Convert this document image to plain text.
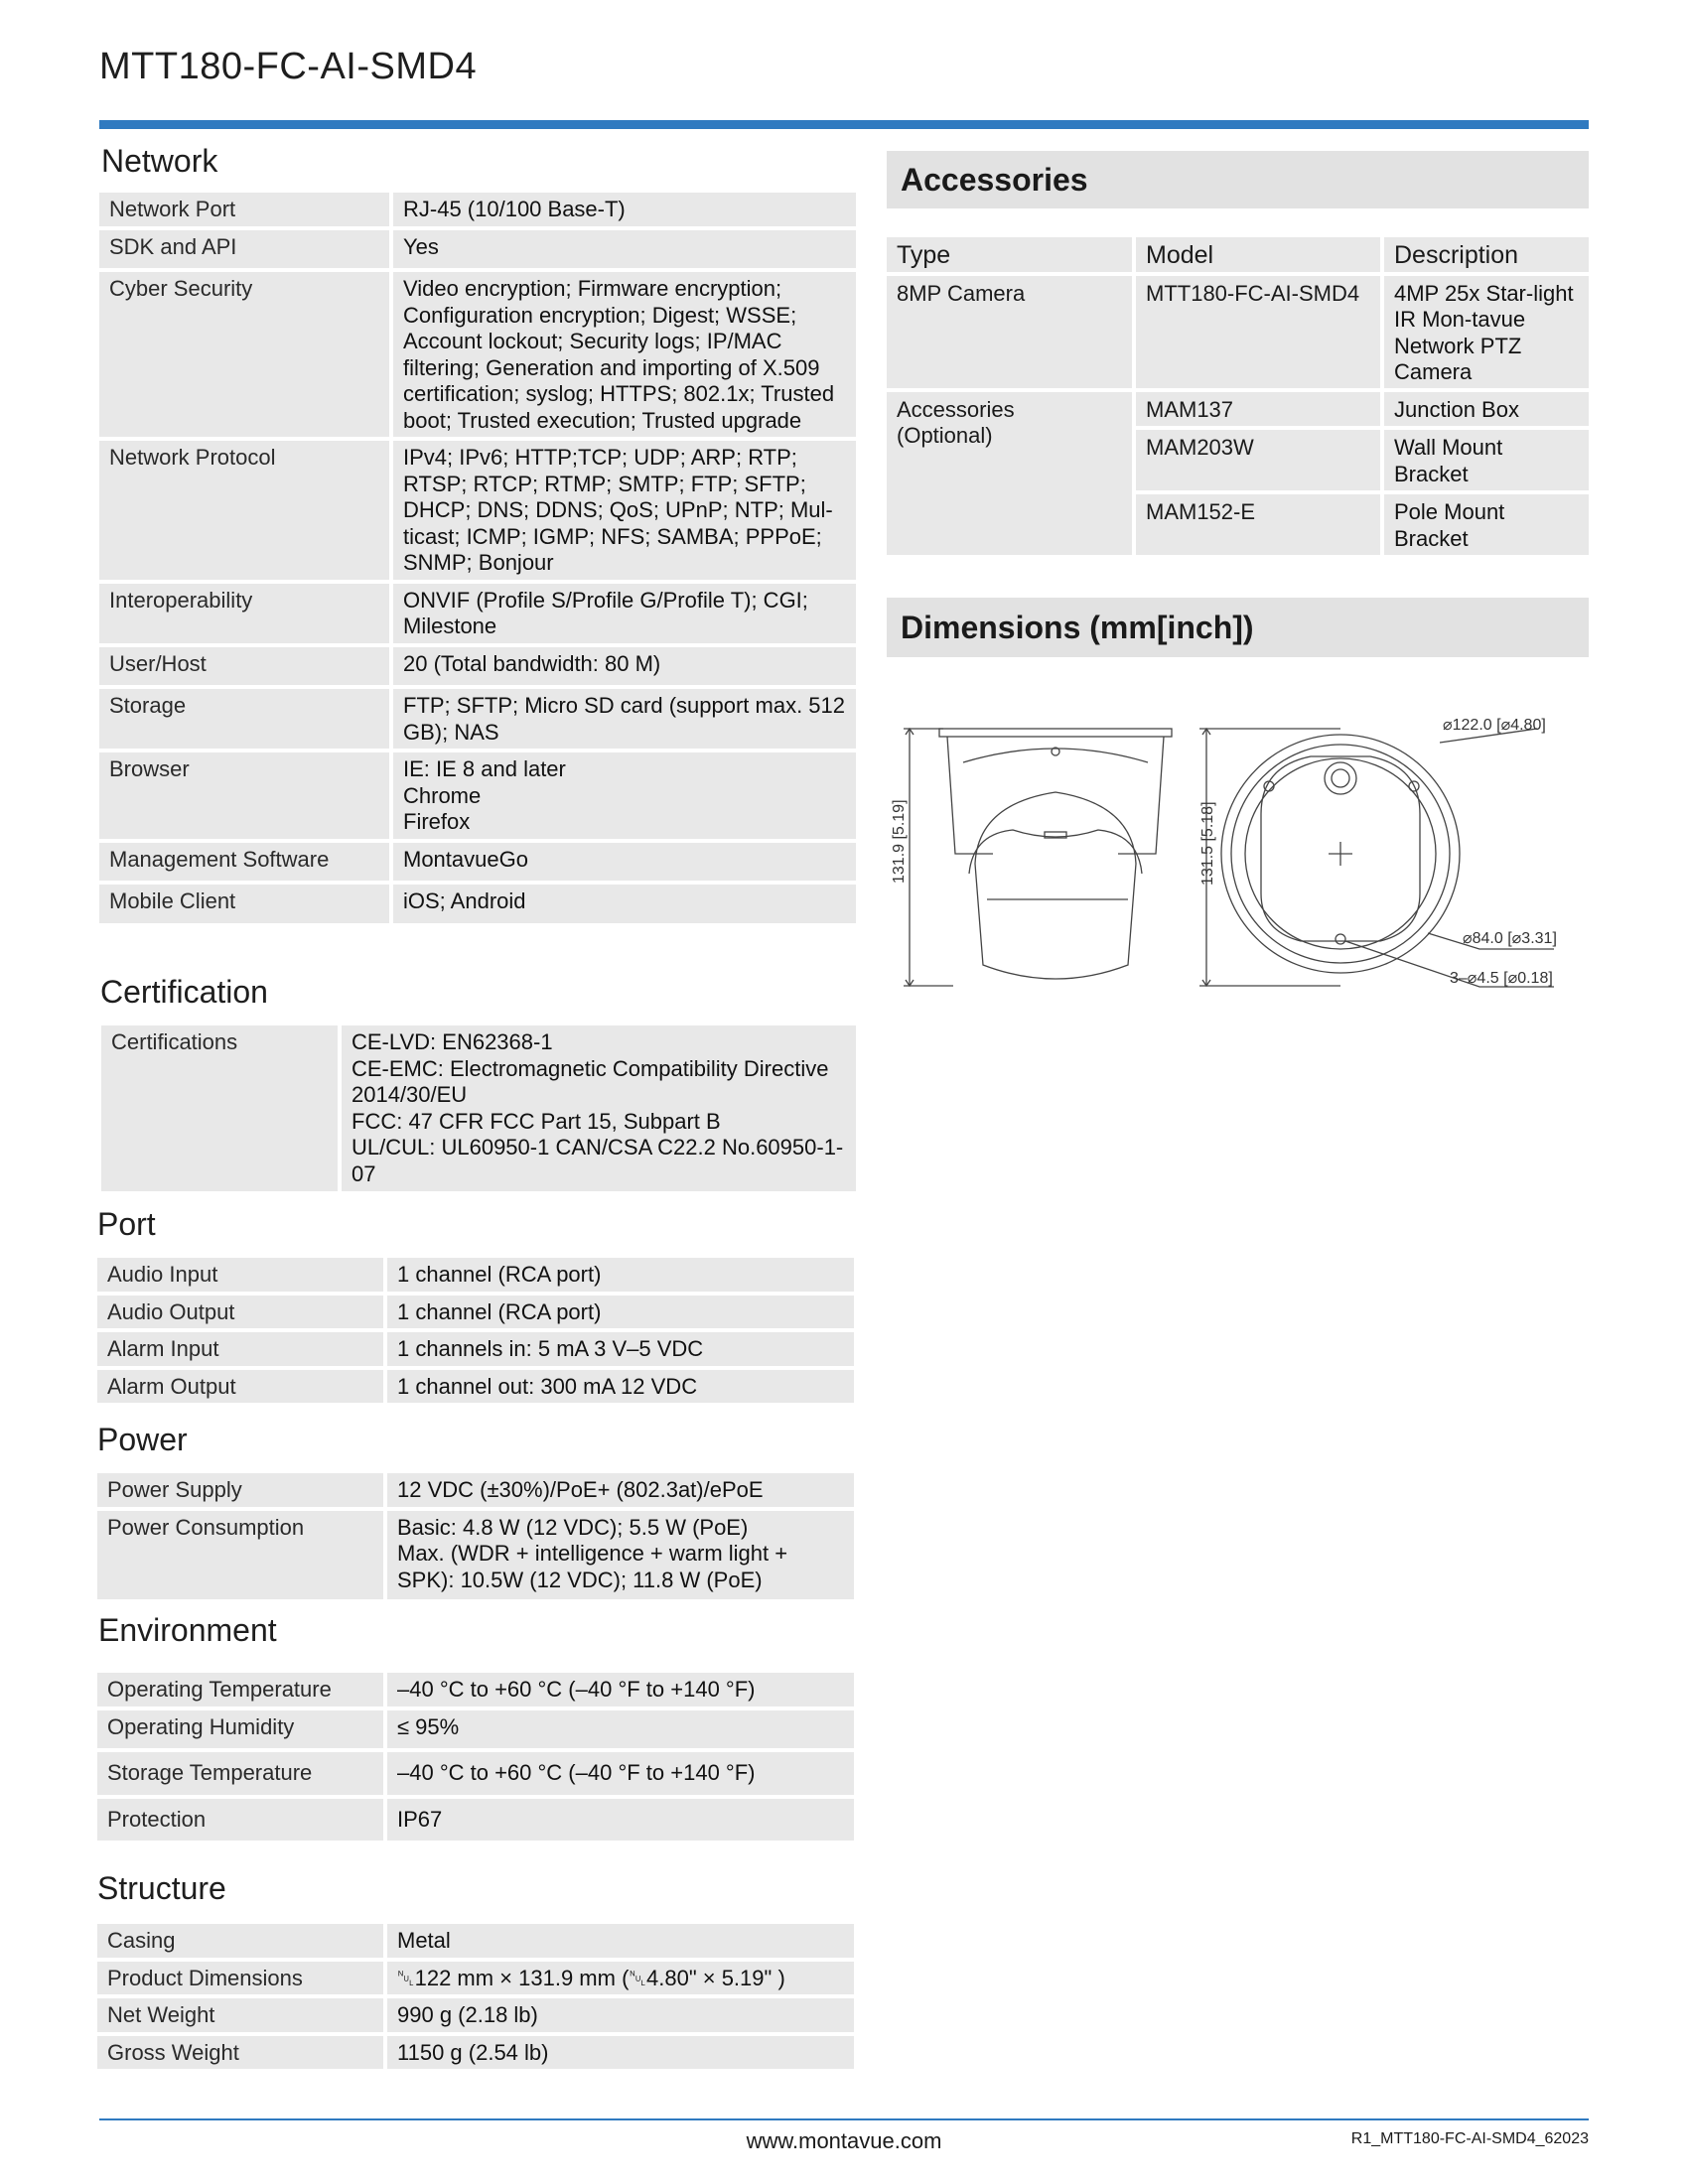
MTT180-FC-AI-SMD4
Network
Network Port	RJ-45 (10/100 Base-T)
SDK and API	Yes
Cyber Security	Video encryption; Firmware encryption; Configuration encryption; Digest; WSSE; Account lockout; Security logs; IP/MAC filtering; Generation and importing of X.509 certification; syslog; HTTPS; 802.1x; Trusted boot; Trusted execution; Trusted upgrade
Network Protocol	IPv4; IPv6; HTTP;TCP; UDP; ARP; RTP; RTSP; RTCP; RTMP; SMTP; FTP; SFTP; DHCP; DNS; DDNS; QoS; UPnP; NTP; Mul-ticast; ICMP; IGMP; NFS; SAMBA; PPPoE; SNMP; Bonjour
Interoperability	ONVIF (Profile S/Profile G/Profile T); CGI; Milestone
User/Host	20 (Total bandwidth: 80 M)
Storage	FTP; SFTP; Micro SD card (support max. 512 GB); NAS
Browser	IE: IE 8 and later
Chrome
Firefox
Management Software	MontavueGo
Mobile Client	iOS; Android
Certification
Certifications	CE-LVD: EN62368-1
CE-EMC: Electromagnetic Compatibility Directive 2014/30/EU
FCC: 47 CFR FCC Part 15, Subpart B
UL/CUL: UL60950-1 CAN/CSA C22.2 No.60950-1-07
Port
Audio Input	1 channel (RCA port)
Audio Output	1 channel (RCA port)
Alarm Input	1 channels in: 5 mA 3 V–5 VDC
Alarm Output	1 channel out: 300 mA 12 VDC
Power
Power Supply	12 VDC (±30%)/PoE+ (802.3at)/ePoE
Power Consumption	Basic: 4.8 W (12 VDC); 5.5 W (PoE)
Max. (WDR + intelligence + warm light + SPK): 10.5W (12 VDC); 11.8 W (PoE)
Environment
Operating Temperature	–40 °C to +60 °C (–40 °F to +140 °F)
Operating Humidity	≤ 95%
Storage Temperature	–40 °C to +60 °C (–40 °F to +140 °F)
Protection	IP67
Structure
Casing	Metal
Product Dimensions	␀122 mm × 131.9 mm (␀4.80" × 5.19" )
Net Weight	990 g (2.18 lb)
Gross Weight	1150 g (2.54 lb)
Accessories
Type	Model	Description
8MP Camera	MTT180-FC-AI-SMD4	4MP 25x Star-light IR Mon-tavue Network PTZ Camera
Accessories (Optional)	MAM137	Junction Box
	MAM203W	Wall Mount Bracket
	MAM152-E	Pole Mount Bracket
Dimensions (mm[inch])
131.9 [5.19]	131.5 [5.18]
⌀122.0 [⌀4.80]
⌀84.0 [⌀3.31]
3–⌀4.5 [⌀0.18]
www.montavue.com	R1_MTT180-FC-AI-SMD4_62023
